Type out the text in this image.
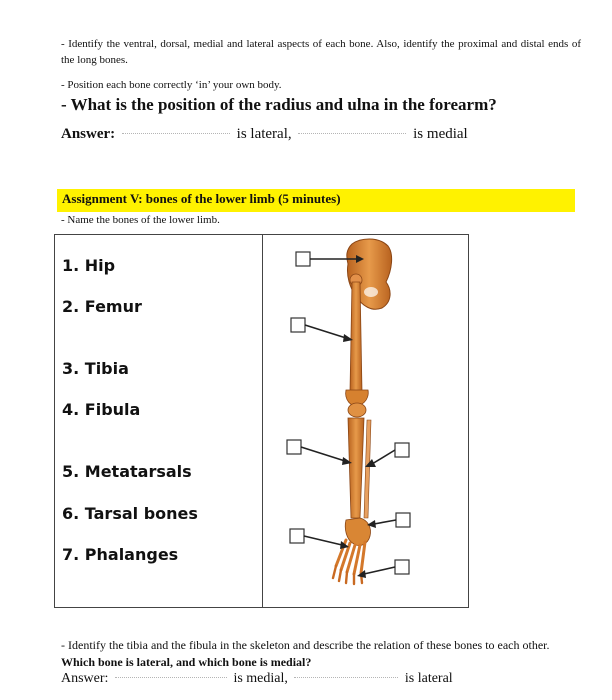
- Identify the ventral, dorsal, medial and lateral aspects of each bone. Also, identify the proximal and distal ends of the long bones.
- Position each bone correctly ‘in’ your own body.
- What is the position of the radius and ulna in the forearm?
Answer:	is lateral,	is medial
Assignment V: bones of the lower limb (5 minutes)
- Name the bones of the lower limb.
1. Hip
2. Femur
3. Tibia
4. Fibula
5. Metatarsals
6. Tarsal bones
7. Phalanges
- Identify the tibia and the fibula in the skeleton and describe the relation of these bones to each other. Which bone is lateral, and which bone is medial?
Answer:	is medial,	is lateral
